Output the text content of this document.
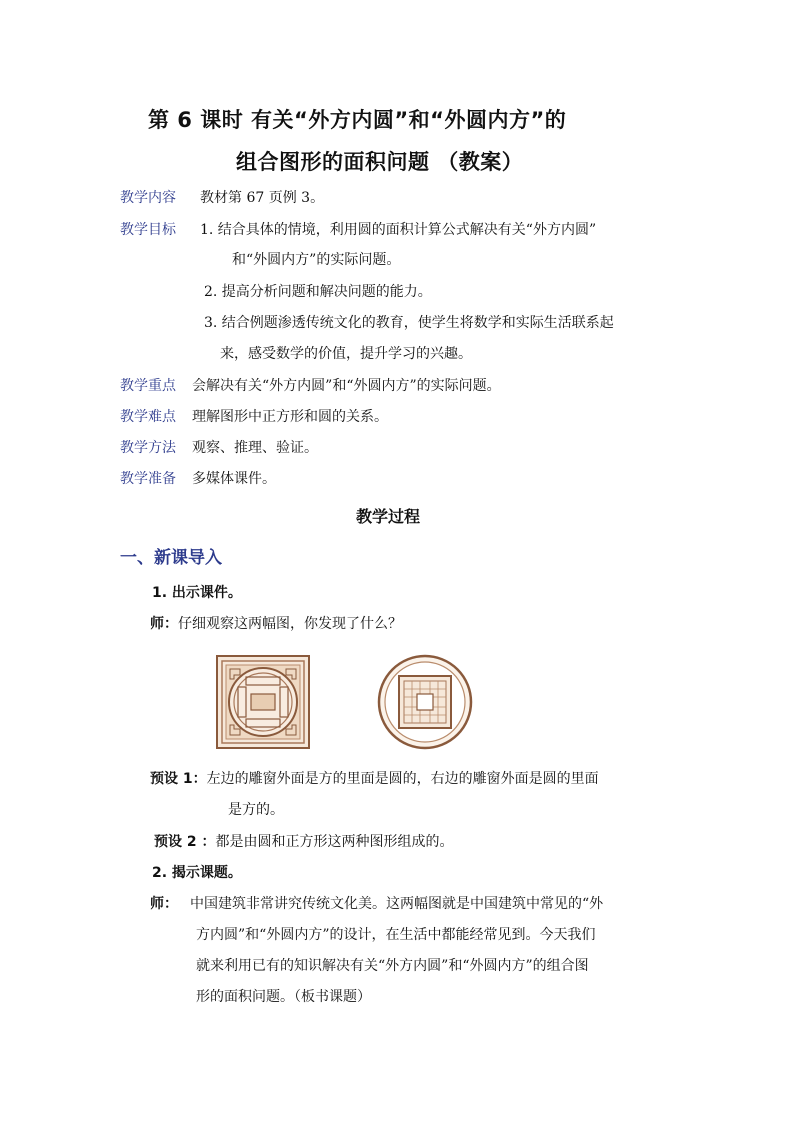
第 6 课时 有关“外方内圆”和“外圆内方”的
组合图形的面积问题 （教案）
教学内容 教材第 67 页例 3。
教学目标 1. 结合具体的情境，利用圆的面积计算公式解决有关“外方内圆”
和“外圆内方”的实际问题。
2. 提高分析问题和解决问题的能力。
3. 结合例题渗透传统文化的教育，使学生将数学和实际生活联系起
来，感受数学的价值，提升学习的兴趣。
教学重点 会解决有关“外方内圆”和“外圆内方”的实际问题。
教学难点 理解图形中正方形和圆的关系。
教学方法 观察、推理、验证。
教学准备 多媒体课件。
教学过程
一、新课导入
1. 出示课件。
师：仔细观察这两幅图，你发现了什么？
预设 1：左边的雕窗外面是方的里面是圆的，右边的雕窗外面是圆的里面
是方的。
预设 2 ：都是由圆和正方形这两种图形组成的。
2. 揭示课题。
师： 中国建筑非常讲究传统文化美。这两幅图就是中国建筑中常见的“外
方内圆”和“外圆内方”的设计，在生活中都能经常见到。今天我们
就来利用已有的知识解决有关“外方内圆”和“外圆内方”的组合图
形的面积问题。（板书课题）
